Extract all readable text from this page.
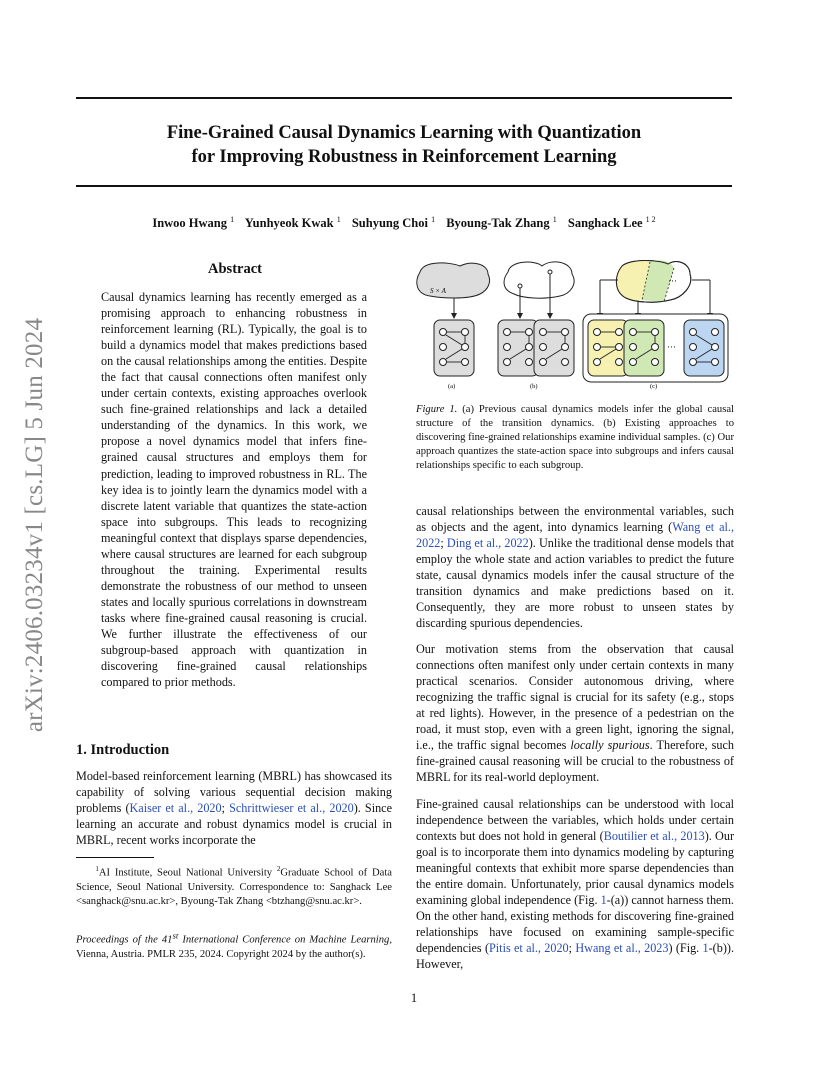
arXiv:2406.03234v1 [cs.LG] 5 Jun 2024
Fine-Grained Causal Dynamics Learning with Quantization
for Improving Robustness in Reinforcement Learning
Inwoo Hwang $^1$ Yunhyeok Kwak $^1$ Suhyung Choi $^1$ Byoung-Tak Zhang $^1$ Sanghack Lee $^{1 2}$
Abstract
Causal dynamics learning has recently emerged as a promising approach to enhancing robustness in reinforcement learning (RL). Typically, the goal is to build a dynamics model that makes predictions based on the causal relationships among the entities. Despite the fact that causal connections often manifest only under certain contexts, existing approaches overlook such fine-grained relationships and lack a detailed understanding of the dynamics. In this work, we propose a novel dynamics model that infers fine-grained causal structures and employs them for prediction, leading to improved robustness in RL. The key idea is to jointly learn the dynamics model with a discrete latent variable that quantizes the state-action space into subgroups. This leads to recognizing meaningful context that displays sparse dependencies, where causal structures are learned for each subgroup throughout the training. Experimental results demonstrate the robustness of our method to unseen states and locally spurious correlations in downstream tasks where fine-grained causal reasoning is crucial. We further illustrate the effectiveness of our subgroup-based approach with quantization in discovering fine-grained causal relationships compared to prior methods.
1. Introduction
Model-based reinforcement learning (MBRL) has showcased its capability of solving various sequential decision making problems (Kaiser et al., 2020; Schrittwieser et al., 2020). Since learning an accurate and robust dynamics model is crucial in MBRL, recent works incorporate the
$^1$AI Institute, Seoul National University $^2$Graduate School of Data Science, Seoul National University. Correspondence to: Sanghack Lee <sanghack@snu.ac.kr>, Byoung-Tak Zhang <btzhang@snu.ac.kr>.
Proceedings of the 41st International Conference on Machine Learning, Vienna, Austria. PMLR 235, 2024. Copyright 2024 by the author(s).
S × A
···
···
(a)	(b)	(c)
Figure 1. (a) Previous causal dynamics models infer the global causal structure of the transition dynamics. (b) Existing approaches to discovering fine-grained relationships examine individual samples. (c) Our approach quantizes the state-action space into subgroups and infers causal relationships specific to each subgroup.
causal relationships between the environmental variables, such as objects and the agent, into dynamics learning (Wang et al., 2022; Ding et al., 2022). Unlike the traditional dense models that employ the whole state and action variables to predict the future state, causal dynamics models infer the causal structure of the transition dynamics and make predictions based on it. Consequently, they are more robust to unseen states by discarding spurious dependencies.
Our motivation stems from the observation that causal connections often manifest only under certain contexts in many practical scenarios. Consider autonomous driving, where recognizing the traffic signal is crucial for its safety (e.g., stops at red lights). However, in the presence of a pedestrian on the road, it must stop, even with a green light, ignoring the signal, i.e., the traffic signal becomes locally spurious. Therefore, such fine-grained causal reasoning will be crucial to the robustness of MBRL for its real-world deployment.
Fine-grained causal relationships can be understood with local independence between the variables, which holds under certain contexts but does not hold in general (Boutilier et al., 2013). Our goal is to incorporate them into dynamics modeling by capturing meaningful contexts that exhibit more sparse dependencies than the entire domain. Unfortunately, prior causal dynamics models examining global independence (Fig. 1-(a)) cannot harness them. On the other hand, existing methods for discovering fine-grained relationships have focused on examining sample-specific dependencies (Pitis et al., 2020; Hwang et al., 2023) (Fig. 1-(b)). However,
1
